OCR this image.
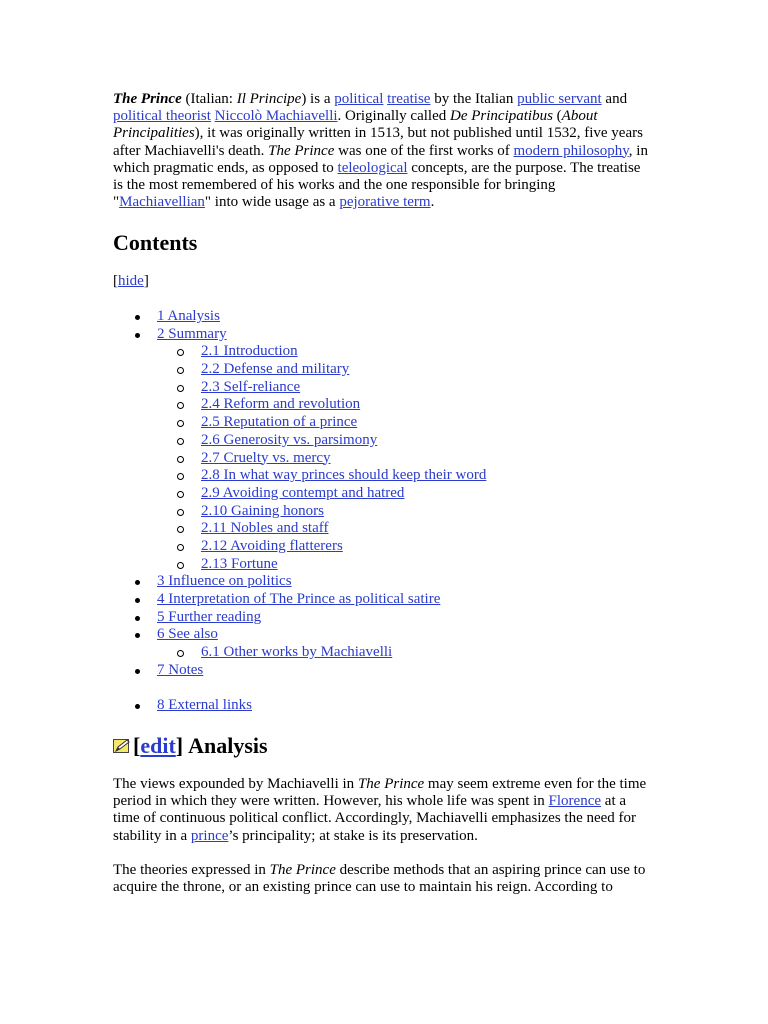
The Prince (Italian: Il Principe) is a political treatise by the Italian public servant and
political theorist Niccolò Machiavelli. Originally called De Principatibus (About
Principalities), it was originally written in 1513, but not published until 1532, five years
after Machiavelli's death. The Prince was one of the first works of modern philosophy, in
which pragmatic ends, as opposed to teleological concepts, are the purpose. The treatise
is the most remembered of his works and the one responsible for bringing
"Machiavellian" into wide usage as a pejorative term.
Contents
[hide]
1 Analysis
2 Summary
2.1 Introduction
2.2 Defense and military
2.3 Self-reliance
2.4 Reform and revolution
2.5 Reputation of a prince
2.6 Generosity vs. parsimony
2.7 Cruelty vs. mercy
2.8 In what way princes should keep their word
2.9 Avoiding contempt and hatred
2.10 Gaining honors
2.11 Nobles and staff
2.12 Avoiding flatterers
2.13 Fortune
3 Influence on politics
4 Interpretation of The Prince as political satire
5 Further reading
6 See also
6.1 Other works by Machiavelli
7 Notes
8 External links
[ edit ] Analysis
The views expounded by Machiavelli in The Prince may seem extreme even for the time
period in which they were written. However, his whole life was spent in Florence at a
time of continuous political conflict. Accordingly, Machiavelli emphasizes the need for
stability in a prince’s principality; at stake is its preservation.
The theories expressed in The Prince describe methods that an aspiring prince can use to
acquire the throne, or an existing prince can use to maintain his reign. According to
